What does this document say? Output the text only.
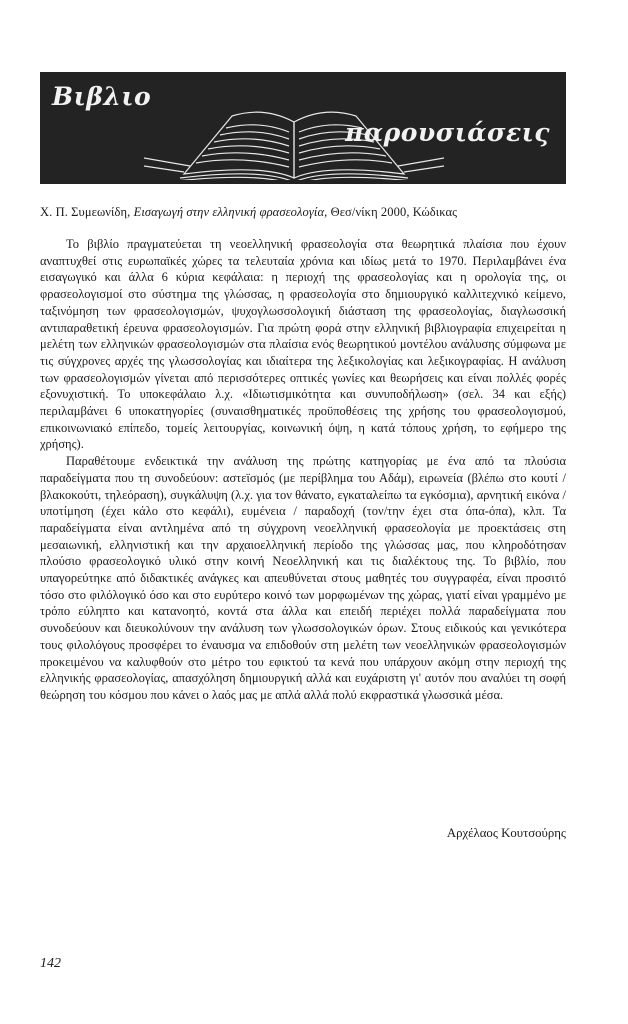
Βιβλιο
παρουσιάσεις
Χ. Π. Συμεωνίδη, Εισαγωγή στην ελληνική φρασεολογία, Θεσ/νίκη 2000, Κώδικας

Το βιβλίο πραγματεύεται τη νεοελληνική φρασεολογία στα θεωρητικά πλαίσια που έχουν αναπτυχθεί στις ευρωπαϊκές χώρες τα τελευταία χρόνια και ιδίως μετά το 1970. Περιλαμβάνει ένα εισαγωγικό και άλλα 6 κύρια κεφάλαια: η περιοχή της φρασεολογίας και η ορολογία της, οι φρασεολογισμοί στο σύστημα της γλώσσας, η φρασεολογία στο δημιουργικό καλλιτεχνικό κείμενο, ταξινόμηση των φρασεολογισμών, ψυχογλωσσολογική διάσταση της φρασεολογίας, διαγλωσσική αντιπαραθετική έρευνα φρασεολογισμών. Για πρώτη φορά στην ελληνική βιβλιογραφία επιχειρείται η μελέτη των ελληνικών φρασεολογισμών στα πλαίσια ενός θεωρητικού μοντέλου ανάλυσης σύμφωνα με τις σύγχρονες αρχές της γλωσσολογίας και ιδιαίτερα της λεξικολογίας και λεξικογραφίας. Η ανάλυση των φρασεολογισμών γίνεται από περισσότερες οπτικές γωνίες και θεωρήσεις και είναι πολλές φορές εξονυχιστική. Το υποκεφάλαιο λ.χ. «Ιδιωτισμικότητα και συνυποδήλωση» (σελ. 34 και εξής) περιλαμβάνει 6 υποκατηγορίες (συναισθηματικές προϋποθέσεις της χρήσης του φρασεολογισμού, επικοινωνιακό επίπεδο, τομείς λειτουργίας, κοινωνική όψη, η κατά τόπους χρήση, το εφήμερο της χρήσης).

Παραθέτουμε ενδεικτικά την ανάλυση της πρώτης κατηγορίας με ένα από τα πλούσια παραδείγματα που τη συνοδεύουν: αστεϊσμός (με περίβλημα του Αδάμ), ειρωνεία (βλέπω στο κουτί / βλακοκούτι, τηλεόραση), συγκάλυψη (λ.χ. για τον θάνατο, εγκαταλείπω τα εγκόσμια), αρνητική εικόνα / υποτίμηση (έχει κάλο στο κεφάλι), ευμένεια / παραδοχή (τον/την έχει στα όπα-όπα), κλπ. Τα παραδείγματα είναι αντλημένα από τη σύγχρονη νεοελληνική φρασεολογία με προεκτάσεις στη μεσαιωνική, ελληνιστική και την αρχαιοελληνική περίοδο της γλώσσας μας, που κληροδότησαν πλούσιο φρασεολογικό υλικό στην κοινή Νεοελληνική και τις διαλέκτους της. Το βιβλίο, που υπαγορεύτηκε από διδακτικές ανάγκες και απευθύνεται στους μαθητές του συγγραφέα, είναι προσιτό τόσο στο φιλόλογικό όσο και στο ευρύτερο κοινό των μορφωμένων της χώρας, γιατί είναι γραμμένο με τρόπο εύληπτο και κατανοητό, κοντά στα άλλα και επειδή περιέχει πολλά παραδείγματα που συνοδεύουν και διευκολύνουν την ανάλυση των γλωσσολογικών όρων. Στους ειδικούς και γενικότερα τους φιλολόγους προσφέρει το έναυσμα να επιδοθούν στη μελέτη των νεοελληνικών φρασεολογισμών προκειμένου να καλυφθούν στο μέτρο του εφικτού τα κενά που υπάρχουν ακόμη στην περιοχή της ελληνικής φρασεολογίας, απασχόληση δημιουργική αλλά και ευχάριστη γι' αυτόν που αναλύει τη σοφή θεώρηση του κόσμου που κάνει ο λαός μας με απλά αλλά πολύ εκφραστικά γλωσσικά μέσα.

Αρχέλαος Κουτσούρης
142
